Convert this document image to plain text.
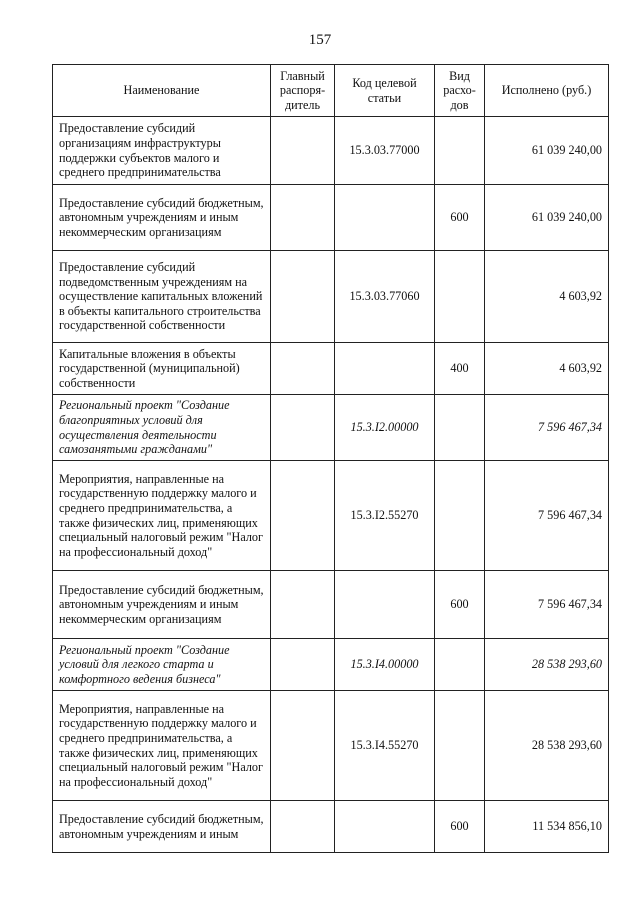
157
Наименование	Главный распоря-дитель	Код целевой статьи	Вид расхо-дов	Исполнено (руб.)
Предоставление субсидий организациям инфраструктуры поддержки субъектов малого и среднего предпринимательства		15.3.03.77000		61 039 240,00
Предоставление субсидий бюджетным, автономным учреждениям и иным некоммерческим организациям			600	61 039 240,00
Предоставление субсидий подведомственным учреждениям на осуществление капитальных вложений в объекты капитального строительства государственной собственности		15.3.03.77060		4 603,92
Капитальные вложения в объекты государственной (муниципальной) собственности			400	4 603,92
Региональный проект "Создание благоприятных условий для осуществления деятельности самозанятыми гражданами"		15.3.I2.00000		7 596 467,34
Мероприятия, направленные на государственную поддержку малого и среднего предпринимательства, а также физических лиц, применяющих специальный налоговый режим "Налог на профессиональный доход"		15.3.I2.55270		7 596 467,34
Предоставление субсидий бюджетным, автономным учреждениям и иным некоммерческим организациям			600	7 596 467,34
Региональный проект "Создание условий для легкого старта и комфортного ведения бизнеса"		15.3.I4.00000		28 538 293,60
Мероприятия, направленные на государственную поддержку малого и среднего предпринимательства, а также физических лиц, применяющих специальный налоговый режим "Налог на профессиональный доход"		15.3.I4.55270		28 538 293,60
Предоставление субсидий бюджетным, автономным учреждениям и иным			600	11 534 856,10
